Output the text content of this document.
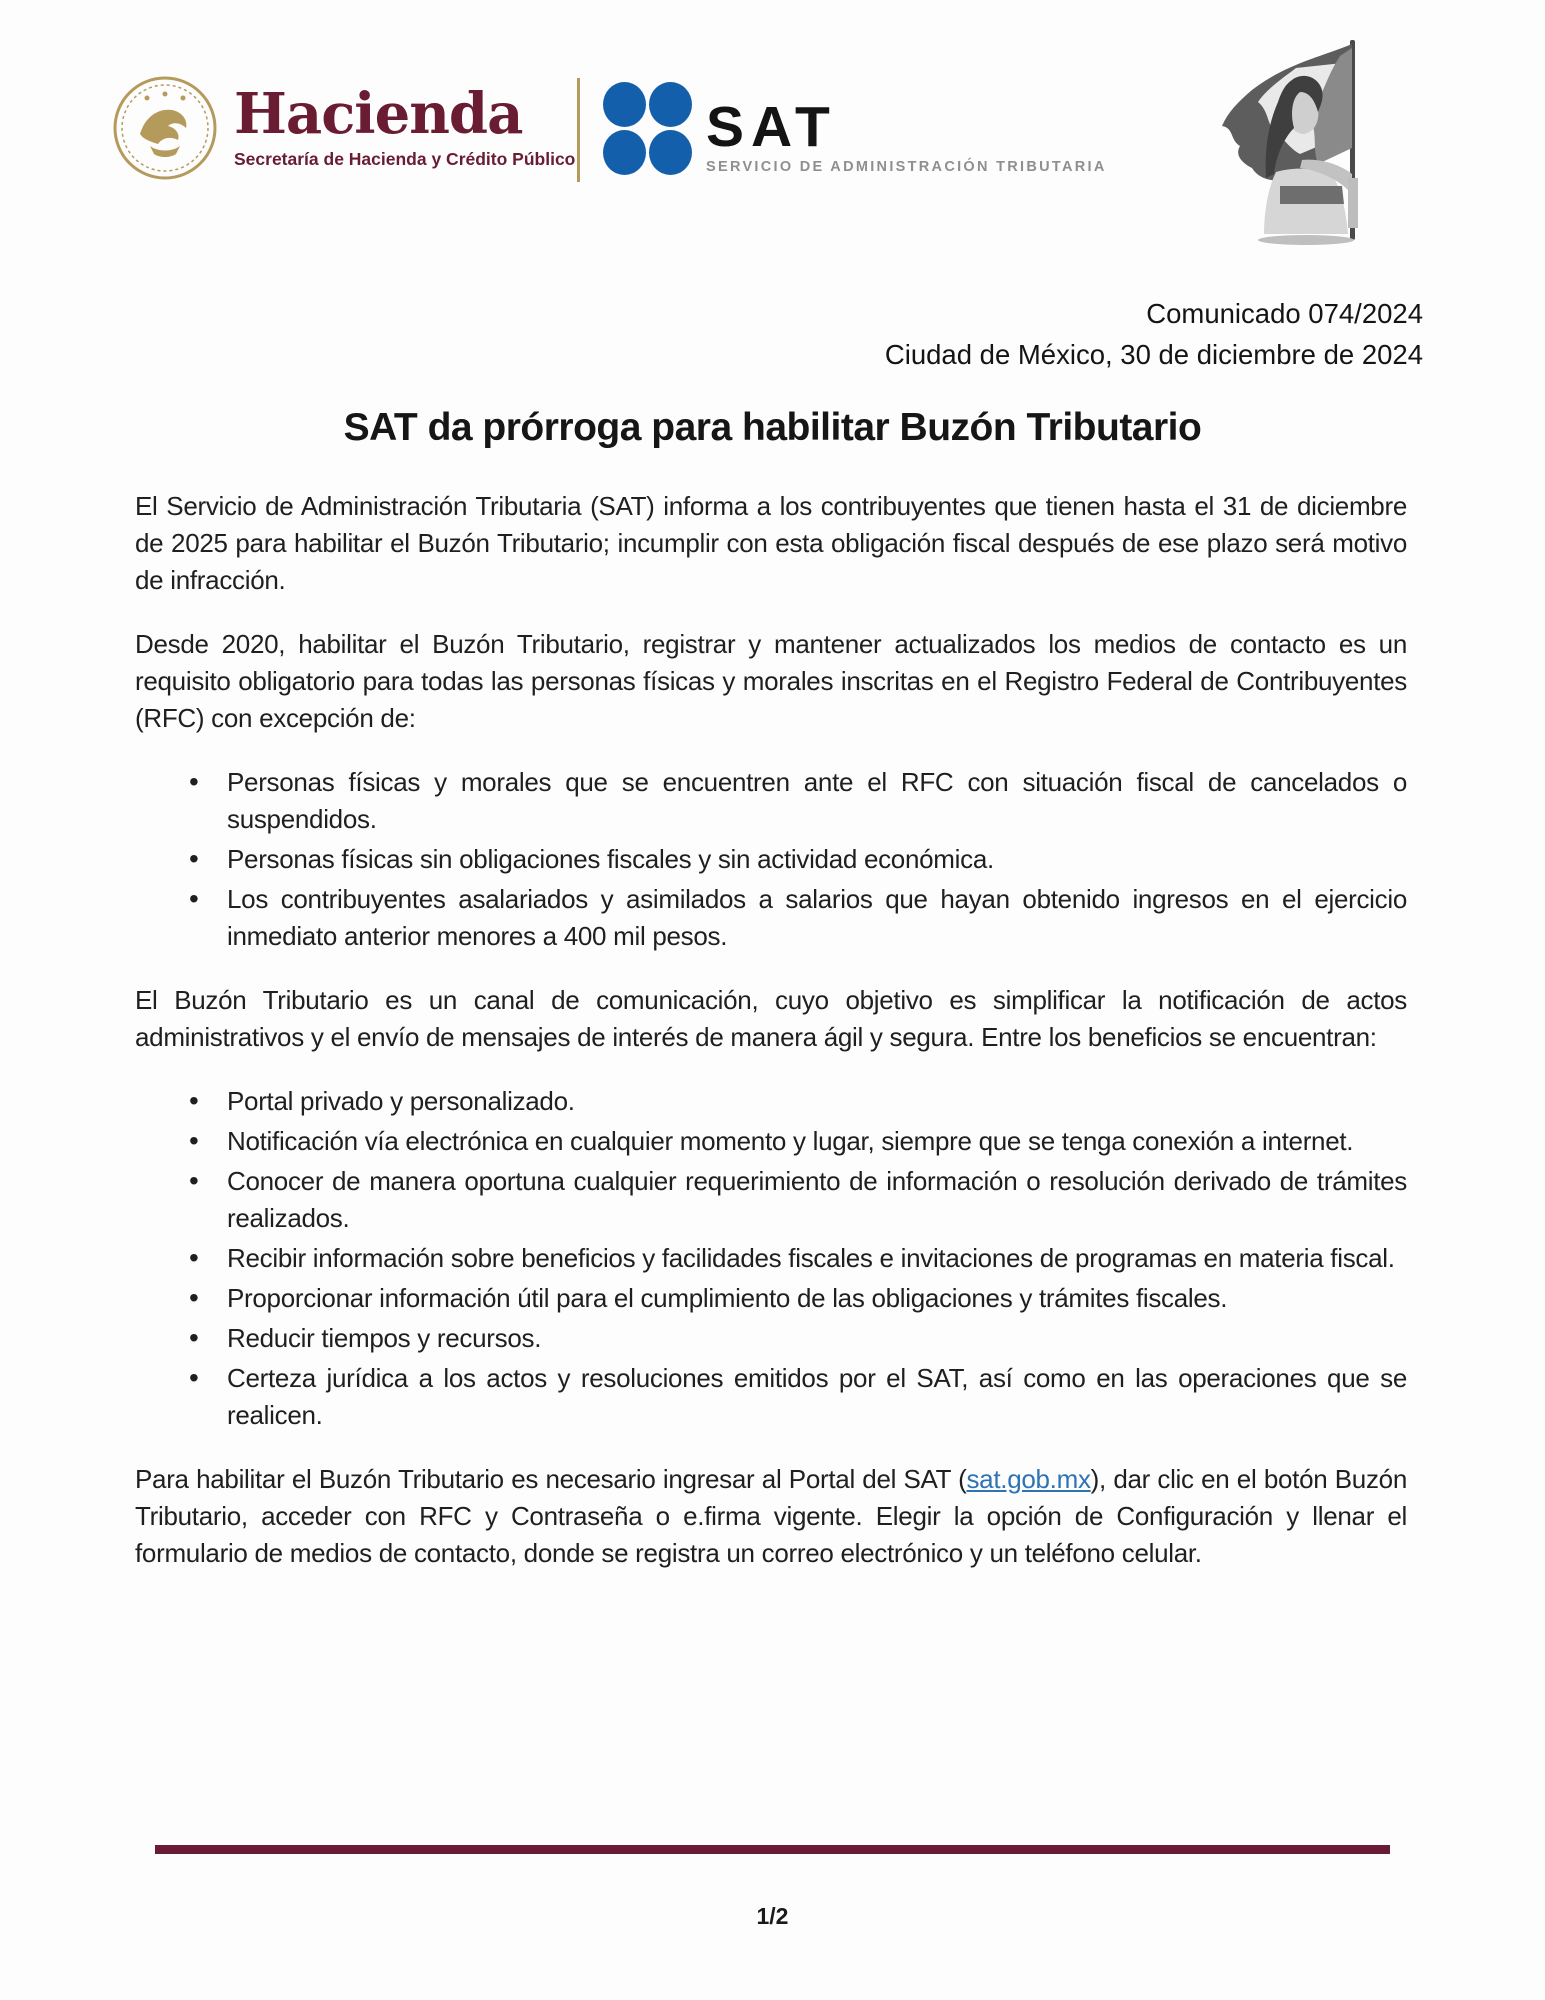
Hacienda
Secretaría de Hacienda y Crédito Público
SAT
SERVICIO DE ADMINISTRACIÓN TRIBUTARIA
Comunicado 074/2024
Ciudad de México, 30 de diciembre de 2024
SAT da prórroga para habilitar Buzón Tributario

El Servicio de Administración Tributaria (SAT) informa a los contribuyentes que tienen hasta el 31 de diciembre de 2025 para habilitar el Buzón Tributario; incumplir con esta obligación fiscal después de ese plazo será motivo de infracción.

Desde 2020, habilitar el Buzón Tributario, registrar y mantener actualizados los medios de contacto es un requisito obligatorio para todas las personas físicas y morales inscritas en el Registro Federal de Contribuyentes (RFC) con excepción de:

• Personas físicas y morales que se encuentren ante el RFC con situación fiscal de cancelados o suspendidos.
• Personas físicas sin obligaciones fiscales y sin actividad económica.
• Los contribuyentes asalariados y asimilados a salarios que hayan obtenido ingresos en el ejercicio inmediato anterior menores a 400 mil pesos.

El Buzón Tributario es un canal de comunicación, cuyo objetivo es simplificar la notificación de actos administrativos y el envío de mensajes de interés de manera ágil y segura. Entre los beneficios se encuentran:

• Portal privado y personalizado.
• Notificación vía electrónica en cualquier momento y lugar, siempre que se tenga conexión a internet.
• Conocer de manera oportuna cualquier requerimiento de información o resolución derivado de trámites realizados.
• Recibir información sobre beneficios y facilidades fiscales e invitaciones de programas en materia fiscal.
• Proporcionar información útil para el cumplimiento de las obligaciones y trámites fiscales.
• Reducir tiempos y recursos.
• Certeza jurídica a los actos y resoluciones emitidos por el SAT, así como en las operaciones que se realicen.

Para habilitar el Buzón Tributario es necesario ingresar al Portal del SAT (sat.gob.mx), dar clic en el botón Buzón Tributario, acceder con RFC y Contraseña o e.firma vigente. Elegir la opción de Configuración y llenar el formulario de medios de contacto, donde se registra un correo electrónico y un teléfono celular.

1/2
